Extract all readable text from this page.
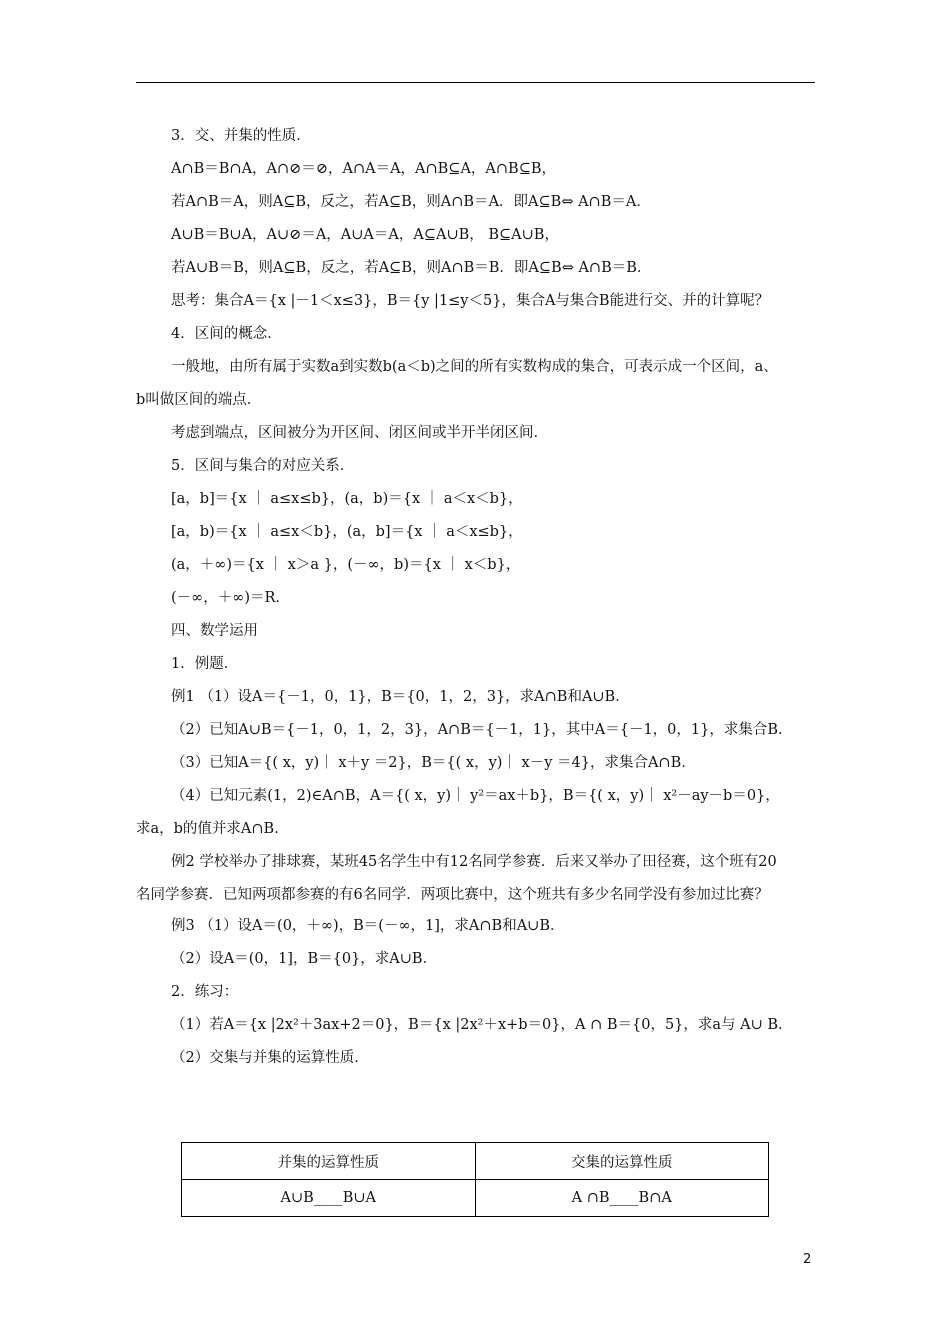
3．交、并集的性质．
A∩B＝B∩A，A∩⊘＝⊘，A∩A＝A，A∩B⊆A，A∩B⊆B，
若A∩B＝A，则A⊆B，反之，若A⊆B，则A∩B＝A．即A⊆B⇔ A∩B＝A．
A∪B＝B∪A，A∪⊘＝A，A∪A＝A，A⊆A∪B， B⊆A∪B，
若A∪B＝B，则A⊆B，反之，若A⊆B，则A∩B＝B．即A⊆B⇔ A∩B＝B．
思考：集合A＝{x |－1＜x≤3}，B＝{y |1≤y＜5}，集合A与集合B能进行交、并的计算呢？
4．区间的概念．
一般地，由所有属于实数a到实数b(a＜b)之间的所有实数构成的集合，可表示成一个区间，a、b叫做区间的端点．
考虑到端点，区间被分为开区间、闭区间或半开半闭区间．
5．区间与集合的对应关系．
[a，b]＝{x ｜ a≤x≤b}，(a，b)＝{x ｜ a＜x＜b}，
[a，b)＝{x ｜ a≤x＜b}，(a，b]＝{x ｜ a＜x≤b}，
(a，＋∞)＝{x ｜ x＞a }，(－∞，b)＝{x ｜ x＜b}，
(－∞，＋∞)＝R．
四、数学运用
1．例题．
例1 （1）设A＝{－1，0，1}，B＝{0，1，2，3}，求A∩B和A∪B．
（2）已知A∪B＝{－1，0，1，2，3}，A∩B＝{－1，1}，其中A＝{－1，0，1}，求集合B．
（3）已知A＝{( x，y)｜ x＋y ＝2}，B＝{( x，y)｜ x－y ＝4}，求集合A∩B．
（4）已知元素(1，2)∈A∩B，A＝{( x，y)｜ y²＝ax＋b}，B＝{( x，y)｜ x²－ay－b＝0}，求a，b的值并求A∩B．
例2 学校举办了排球赛，某班45名学生中有12名同学参赛．后来又举办了田径赛，这个班有20名同学参赛．已知两项都参赛的有6名同学．两项比赛中，这个班共有多少名同学没有参加过比赛？
例3 （1）设A＝(0，＋∞)，B＝(－∞，1]，求A∩B和A∪B．
（2）设A＝(0，1]，B＝{0}，求A∪B．
2．练习：
（1）若A＝{x |2x²＋3ax+2＝0}，B＝{x |2x²＋x+b＝0}，A ∩ B＝{0，5}，求a与 A∪ B．
（2）交集与并集的运算性质．
并集的运算性质	交集的运算性质
A∪B____B∪A	A ∩B____B∩A
2
